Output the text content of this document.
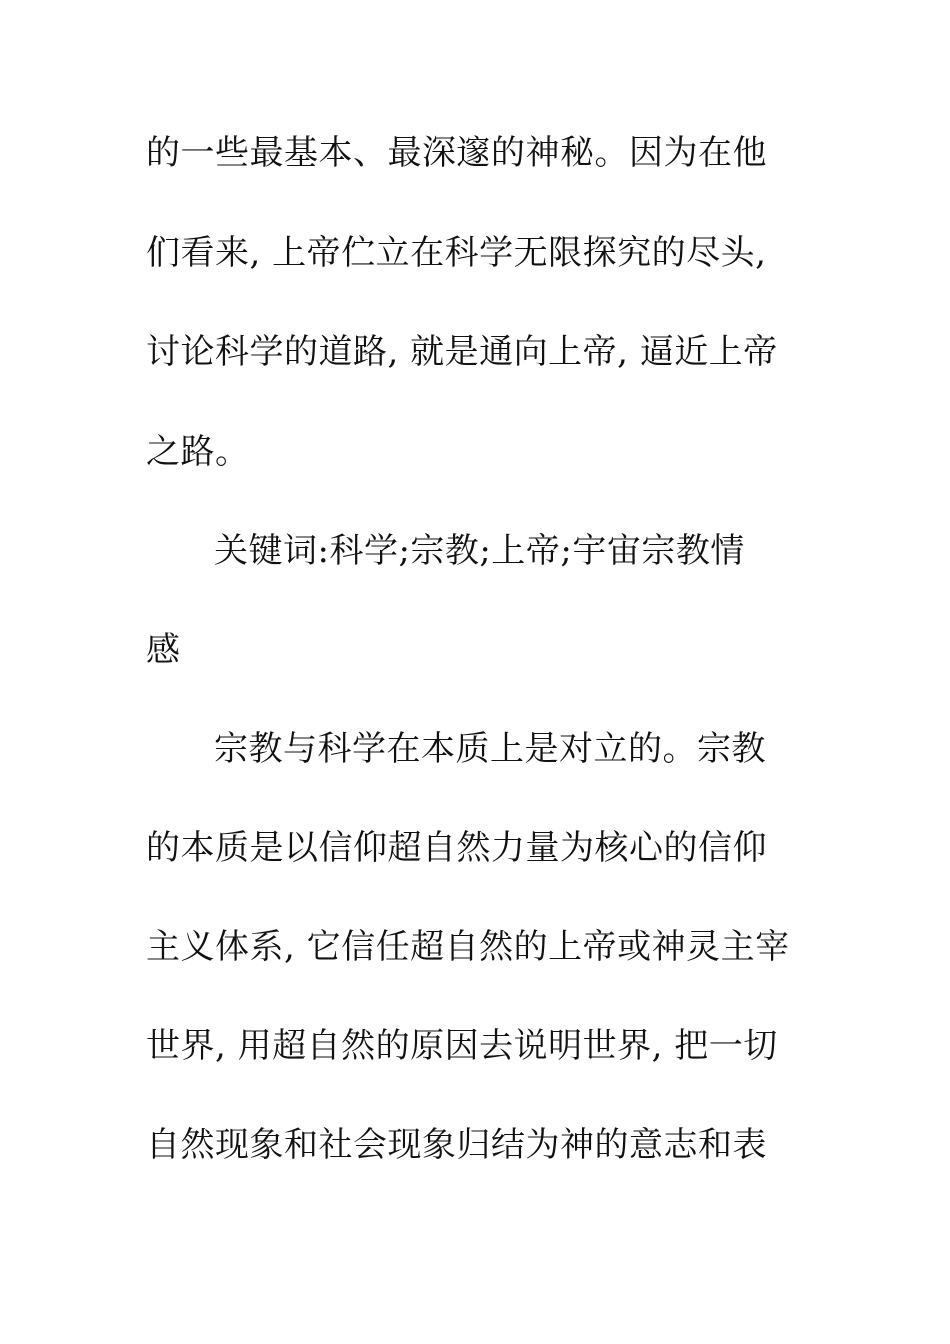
的一些最基本、最深邃的神秘。因为在他
们看来, 上帝伫立在科学无限探究的尽头,
讨论科学的道路, 就是通向上帝, 逼近上帝
之路。
关键词:科学;宗教;上帝;宇宙宗教情
感
宗教与科学在本质上是对立的。宗教
的本质是以信仰超自然力量为核心的信仰
主义体系, 它信任超自然的上帝或神灵主宰
世界, 用超自然的原因去说明世界, 把一切
自然现象和社会现象归结为神的意志和表
